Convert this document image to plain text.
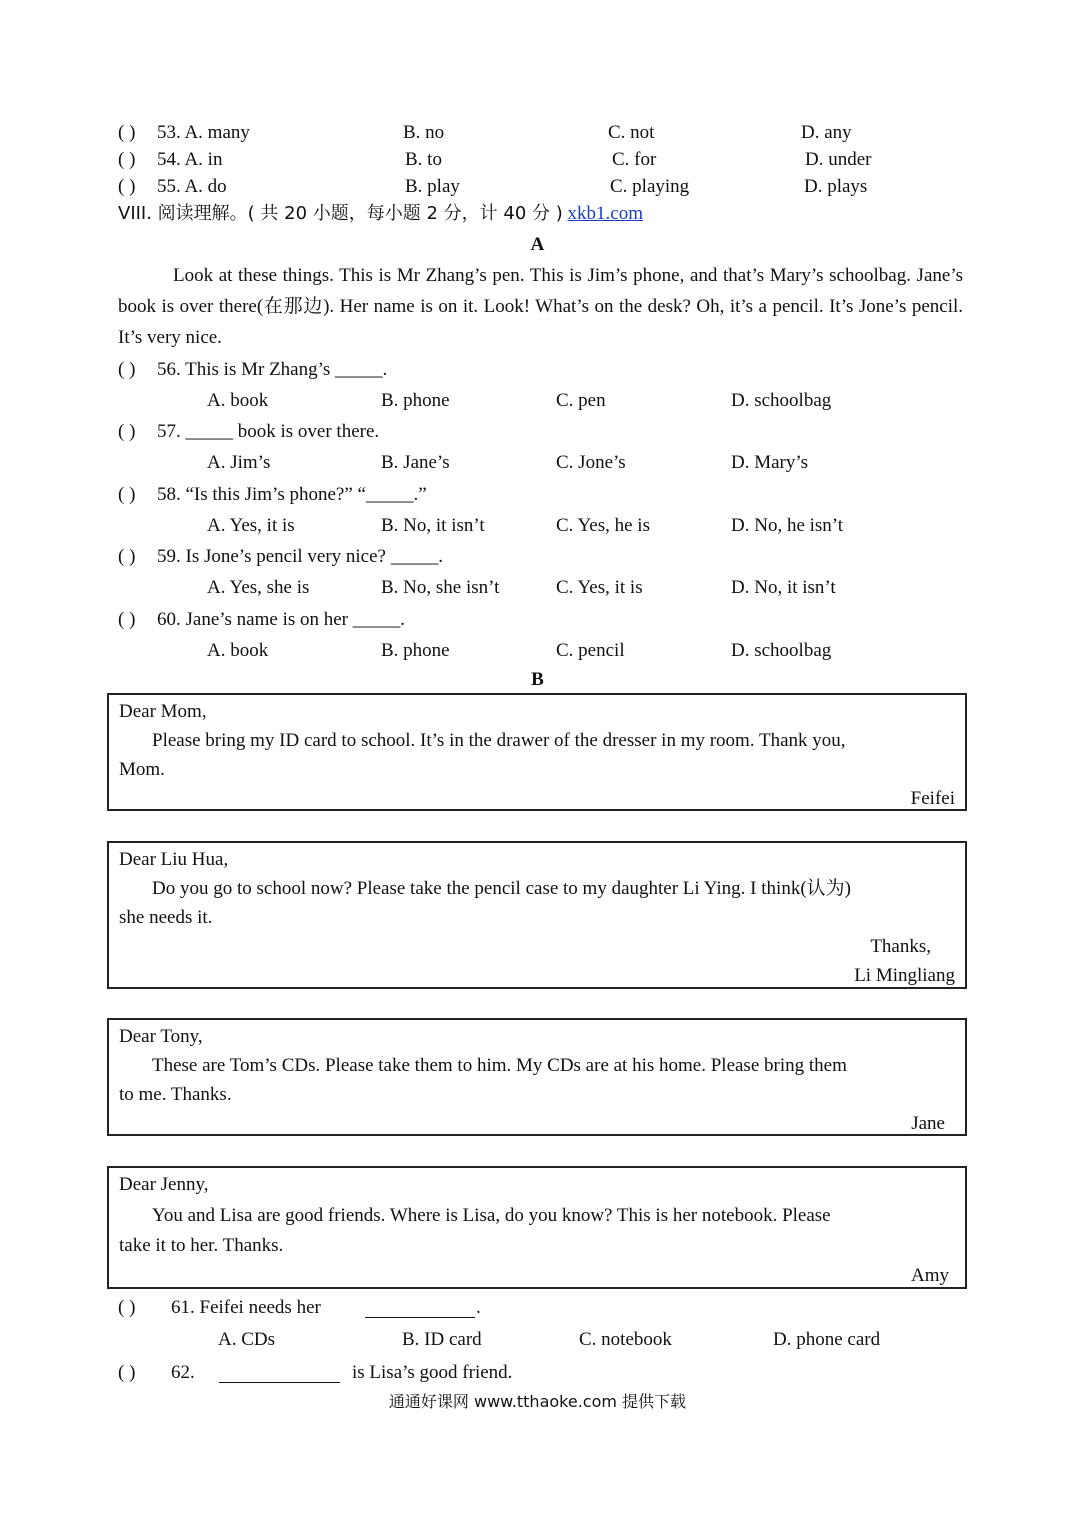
( ) 53. A. many	B. no	C. not	D. any
( ) 54. A. in	B. to	C. for	D. under
( ) 55. A. do	B. play	C. playing	D. plays
VIII. 阅读理解。( 共 20 小题，每小题 2 分，计 40 分 ) xkb1.com
A
Look at these things. This is Mr Zhang’s pen. This is Jim’s phone, and that’s Mary’s schoolbag. Jane’s book is over there(在那边). Her name is on it. Look! What’s on the desk? Oh, it’s a pencil. It’s Jone’s pencil. It’s very nice.
( ) 56. This is Mr Zhang’s _____.
A. book	B. phone	C. pen	D. schoolbag
( ) 57. _____ book is over there.
A. Jim’s	B. Jane’s	C. Jone’s	D. Mary’s
( ) 58. “Is this Jim’s phone?” “_____.”
A. Yes, it is	B. No, it isn’t	C. Yes, he is	D. No, he isn’t
( ) 59. Is Jone’s pencil very nice? _____.
A. Yes, she is	B. No, she isn’t	C. Yes, it is	D. No, it isn’t
( ) 60. Jane’s name is on her _____.
A. book	B. phone	C. pencil	D. schoolbag
B
Dear Mom,
Please bring my ID card to school. It’s in the drawer of the dresser in my room. Thank you,
Mom.
Feifei
Dear Liu Hua,
Do you go to school now? Please take the pencil case to my daughter Li Ying. I think(认为)
she needs it.
Thanks,
Li Mingliang
Dear Tony,
These are Tom’s CDs. Please take them to him. My CDs are at his home. Please bring them
to me. Thanks.
Jane
Dear Jenny,
You and Lisa are good friends. Where is Lisa, do you know? This is her notebook. Please
take it to her. Thanks.
Amy
( ) 61. Feifei needs her	.
A. CDs	B. ID card	C. notebook	D. phone card
( ) 62.	is Lisa’s good friend.
通通好课网 www.tthaoke.com 提供下载
